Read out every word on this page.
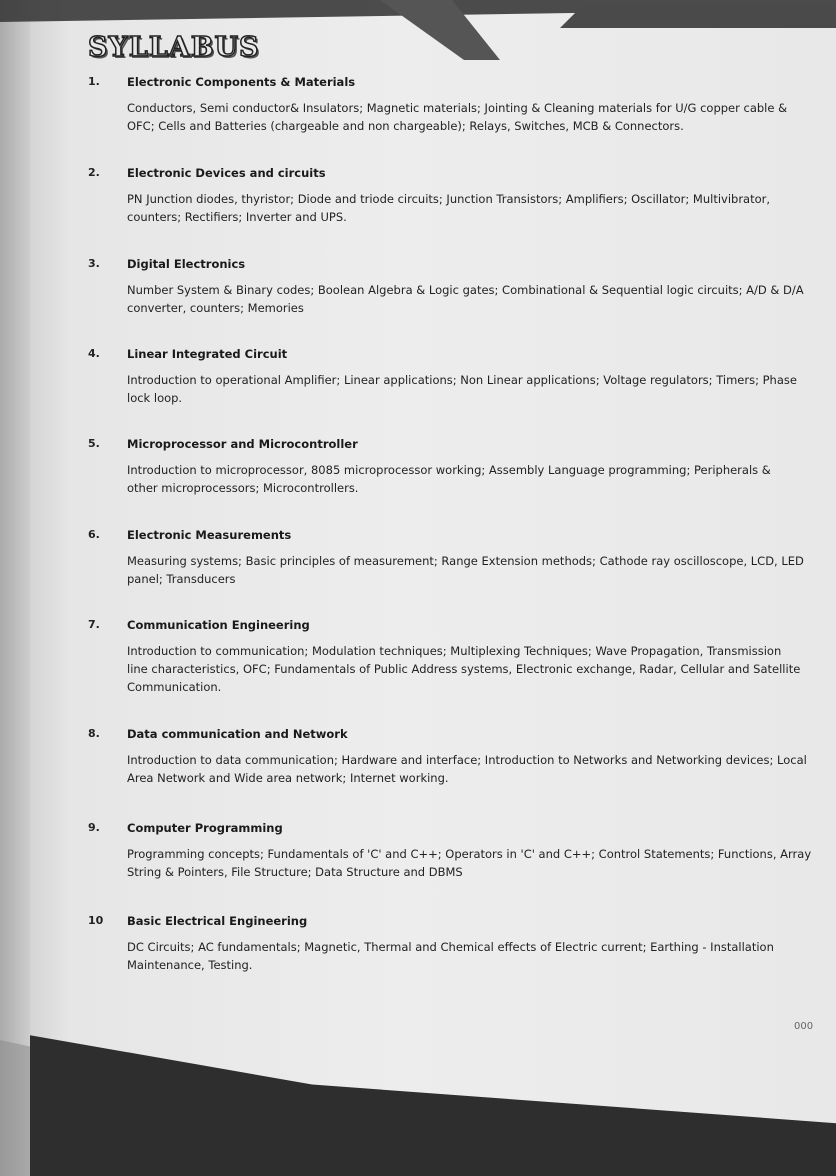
SYLLABUS
1. Electronic Components & Materials
Conductors, Semi conductor& Insulators; Magnetic materials; Jointing & Cleaning materials for U/G copper cable &
OFC; Cells and Batteries (chargeable and non chargeable); Relays, Switches, MCB & Connectors.
2. Electronic Devices and circuits
PN Junction diodes, thyristor; Diode and triode circuits; Junction Transistors; Amplifiers; Oscillator; Multivibrator,
counters; Rectifiers; Inverter and UPS.
3. Digital Electronics
Number System & Binary codes; Boolean Algebra & Logic gates; Combinational & Sequential logic circuits; A/D & D/A
converter, counters; Memories
4. Linear Integrated Circuit
Introduction to operational Amplifier; Linear applications; Non Linear applications; Voltage regulators; Timers; Phase
lock loop.
5. Microprocessor and Microcontroller
Introduction to microprocessor, 8085 microprocessor working; Assembly Language programming; Peripherals &
other microprocessors; Microcontrollers.
6. Electronic Measurements
Measuring systems; Basic principles of measurement; Range Extension methods; Cathode ray oscilloscope, LCD, LED
panel; Transducers
7. Communication Engineering
Introduction to communication; Modulation techniques; Multiplexing Techniques; Wave Propagation, Transmission
line characteristics, OFC; Fundamentals of Public Address systems, Electronic exchange, Radar, Cellular and Satellite
Communication.
8. Data communication and Network
Introduction to data communication; Hardware and interface; Introduction to Networks and Networking devices; Local
Area Network and Wide area network; Internet working.
9. Computer Programming
Programming concepts; Fundamentals of 'C' and C++; Operators in 'C' and C++; Control Statements; Functions, Array
String & Pointers, File Structure; Data Structure and DBMS
10 Basic Electrical Engineering
DC Circuits; AC fundamentals; Magnetic, Thermal and Chemical effects of Electric current; Earthing - Installation
Maintenance, Testing.
000
